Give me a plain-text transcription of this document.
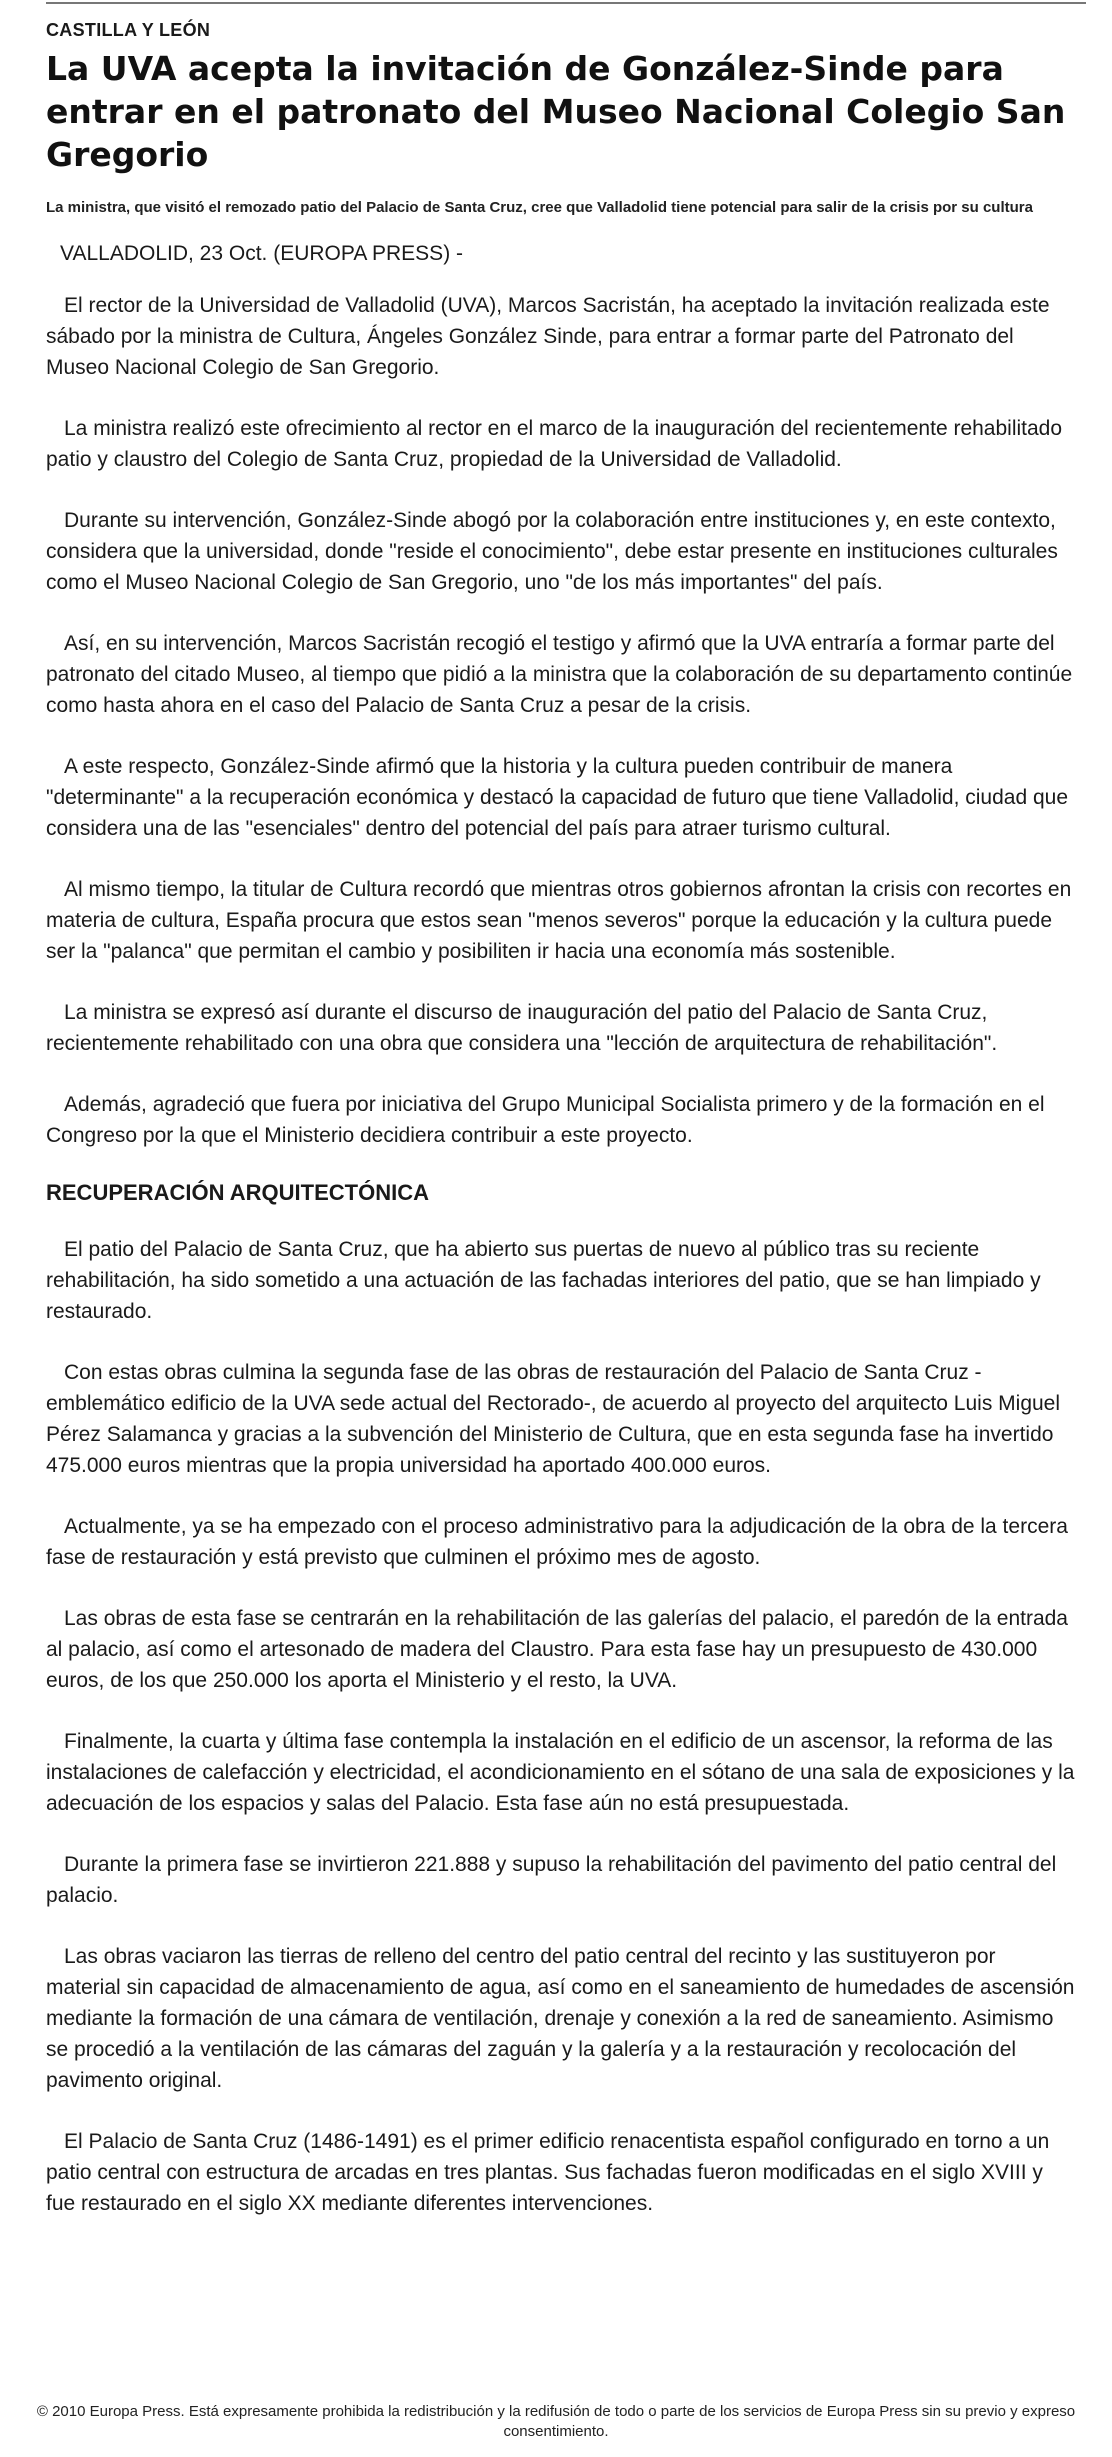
CASTILLA Y LEÓN
La UVA acepta la invitación de González-Sinde para entrar en el patronato del Museo Nacional Colegio San Gregorio
La ministra, que visitó el remozado patio del Palacio de Santa Cruz, cree que Valladolid tiene potencial para salir de la crisis por su cultura
VALLADOLID, 23 Oct. (EUROPA PRESS) -

El rector de la Universidad de Valladolid (UVA), Marcos Sacristán, ha aceptado la invitación realizada este sábado por la ministra de Cultura, Ángeles González Sinde, para entrar a formar parte del Patronato del Museo Nacional Colegio de San Gregorio.

La ministra realizó este ofrecimiento al rector en el marco de la inauguración del recientemente rehabilitado patio y claustro del Colegio de Santa Cruz, propiedad de la Universidad de Valladolid.

Durante su intervención, González-Sinde abogó por la colaboración entre instituciones y, en este contexto, considera que la universidad, donde "reside el conocimiento", debe estar presente en instituciones culturales como el Museo Nacional Colegio de San Gregorio, uno "de los más importantes" del país.

Así, en su intervención, Marcos Sacristán recogió el testigo y afirmó que la UVA entraría a formar parte del patronato del citado Museo, al tiempo que pidió a la ministra que la colaboración de su departamento continúe como hasta ahora en el caso del Palacio de Santa Cruz a pesar de la crisis.

A este respecto, González-Sinde afirmó que la historia y la cultura pueden contribuir de manera "determinante" a la recuperación económica y destacó la capacidad de futuro que tiene Valladolid, ciudad que considera una de las "esenciales" dentro del potencial del país para atraer turismo cultural.

Al mismo tiempo, la titular de Cultura recordó que mientras otros gobiernos afrontan la crisis con recortes en materia de cultura, España procura que estos sean "menos severos" porque la educación y la cultura puede ser la "palanca" que permitan el cambio y posibiliten ir hacia una economía más sostenible.

La ministra se expresó así durante el discurso de inauguración del patio del Palacio de Santa Cruz, recientemente rehabilitado con una obra que considera una "lección de arquitectura de rehabilitación".

Además, agradeció que fuera por iniciativa del Grupo Municipal Socialista primero y de la formación en el Congreso por la que el Ministerio decidiera contribuir a este proyecto.

RECUPERACIÓN ARQUITECTÓNICA

El patio del Palacio de Santa Cruz, que ha abierto sus puertas de nuevo al público tras su reciente rehabilitación, ha sido sometido a una actuación de las fachadas interiores del patio, que se han limpiado y restaurado.

Con estas obras culmina la segunda fase de las obras de restauración del Palacio de Santa Cruz -emblemático edificio de la UVA sede actual del Rectorado-, de acuerdo al proyecto del arquitecto Luis Miguel Pérez Salamanca y gracias a la subvención del Ministerio de Cultura, que en esta segunda fase ha invertido 475.000 euros mientras que la propia universidad ha aportado 400.000 euros.

Actualmente, ya se ha empezado con el proceso administrativo para la adjudicación de la obra de la tercera fase de restauración y está previsto que culminen el próximo mes de agosto.

Las obras de esta fase se centrarán en la rehabilitación de las galerías del palacio, el paredón de la entrada al palacio, así como el artesonado de madera del Claustro. Para esta fase hay un presupuesto de 430.000 euros, de los que 250.000 los aporta el Ministerio y el resto, la UVA.

Finalmente, la cuarta y última fase contempla la instalación en el edificio de un ascensor, la reforma de las instalaciones de calefacción y electricidad, el acondicionamiento en el sótano de una sala de exposiciones y la adecuación de los espacios y salas del Palacio. Esta fase aún no está presupuestada.

Durante la primera fase se invirtieron 221.888 y supuso la rehabilitación del pavimento del patio central del palacio.

Las obras vaciaron las tierras de relleno del centro del patio central del recinto y las sustituyeron por material sin capacidad de almacenamiento de agua, así como en el saneamiento de humedades de ascensión mediante la formación de una cámara de ventilación, drenaje y conexión a la red de saneamiento. Asimismo se procedió a la ventilación de las cámaras del zaguán y la galería y a la restauración y recolocación del pavimento original.

El Palacio de Santa Cruz (1486-1491) es el primer edificio renacentista español configurado en torno a un patio central con estructura de arcadas en tres plantas. Sus fachadas fueron modificadas en el siglo XVIII y fue restaurado en el siglo XX mediante diferentes intervenciones.

© 2010 Europa Press. Está expresamente prohibida la redistribución y la redifusión de todo o parte de los servicios de Europa Press sin su previo y expreso consentimiento.
